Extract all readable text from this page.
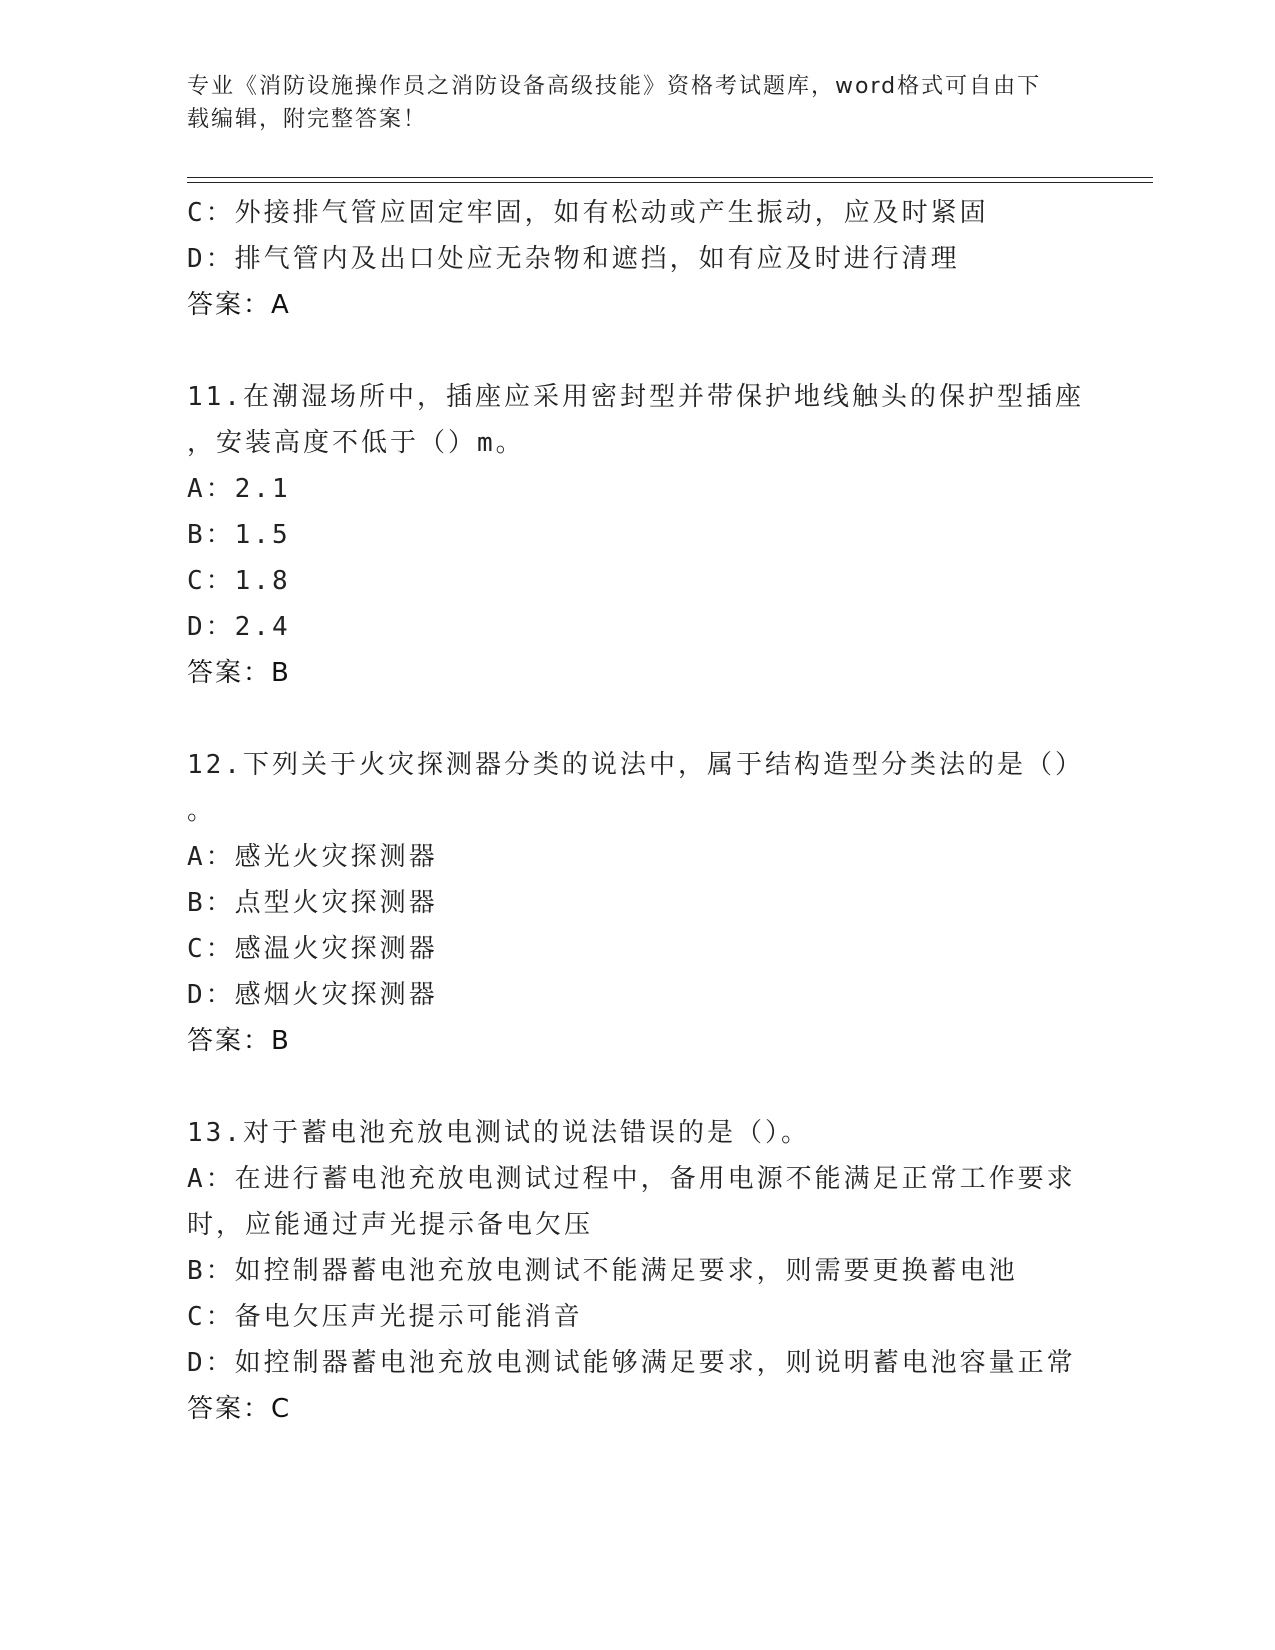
专业《消防设施操作员之消防设备高级技能》资格考试题库，word格式可自由下
载编辑，附完整答案！
C：外接排气管应固定牢固，如有松动或产生振动，应及时紧固
D：排气管内及出口处应无杂物和遮挡，如有应及时进行清理
答案：A
11.在潮湿场所中，插座应采用密封型并带保护地线触头的保护型插座
，安装高度不低于（）m。
A：2.1
B：1.5
C：1.8
D：2.4
答案：B
12.下列关于火灾探测器分类的说法中，属于结构造型分类法的是（）
。
A：感光火灾探测器
B：点型火灾探测器
C：感温火灾探测器
D：感烟火灾探测器
答案：B
13.对于蓄电池充放电测试的说法错误的是（）。
A：在进行蓄电池充放电测试过程中，备用电源不能满足正常工作要求
时，应能通过声光提示备电欠压
B：如控制器蓄电池充放电测试不能满足要求，则需要更换蓄电池
C：备电欠压声光提示可能消音
D：如控制器蓄电池充放电测试能够满足要求，则说明蓄电池容量正常
答案：C
